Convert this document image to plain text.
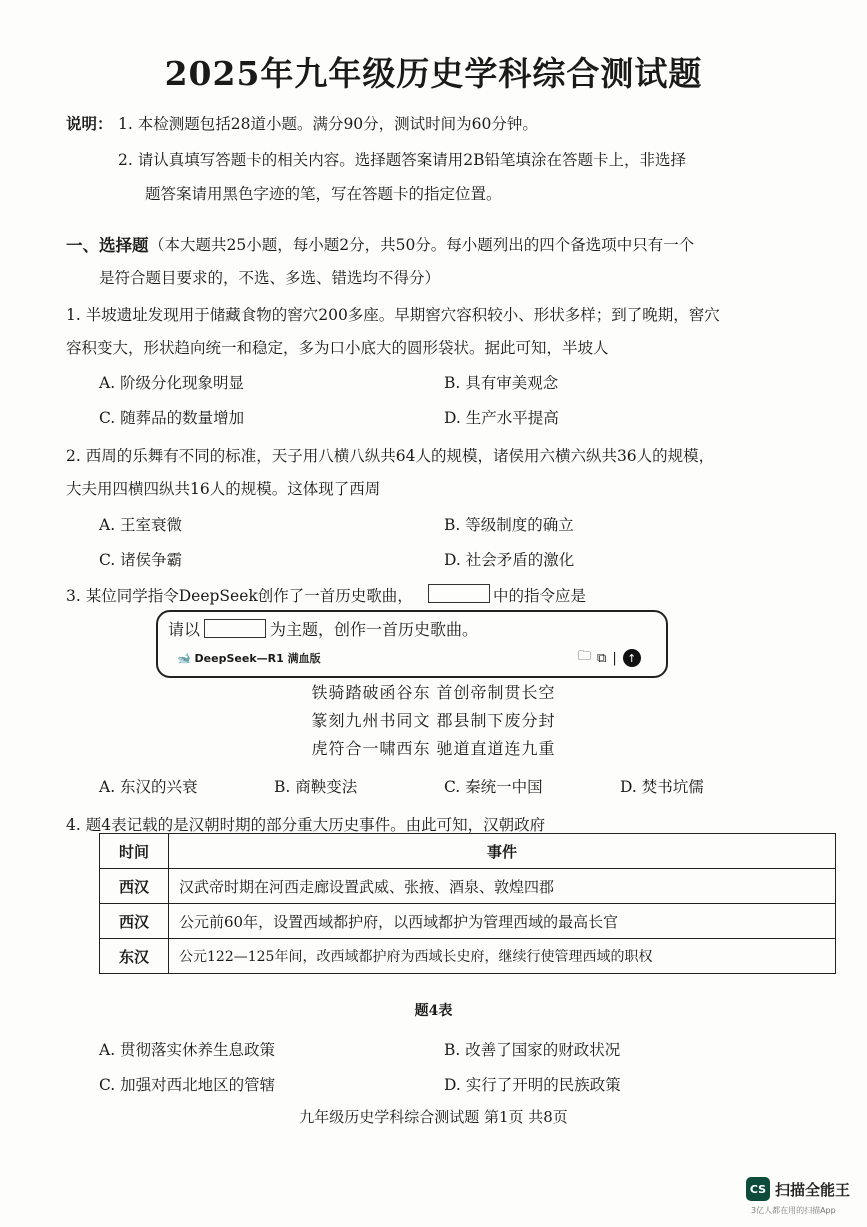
2025年九年级历史学科综合测试题
说明： 1. 本检测题包括28道小题。满分90分，测试时间为60分钟。
2. 请认真填写答题卡的相关内容。选择题答案请用2B铅笔填涂在答题卡上，非选择
题答案请用黑色字迹的笔，写在答题卡的指定位置。
一、选择题 （本大题共25小题，每小题2分，共50分。每小题列出的四个备选项中只有一个
是符合题目要求的，不选、多选、错选均不得分）
1. 半坡遗址发现用于储藏食物的窖穴200多座。早期窖穴容积较小、形状多样；到了晚期，窖穴
容积变大，形状趋向统一和稳定，多为口小底大的圆形袋状。据此可知，半坡人
A. 阶级分化现象明显	B. 具有审美观念
C. 随葬品的数量增加	D. 生产水平提高
2. 西周的乐舞有不同的标准，天子用八横八纵共64人的规模，诸侯用六横六纵共36人的规模，
大夫用四横四纵共16人的规模。这体现了西周
A. 王室衰微	B. 等级制度的确立
C. 诸侯争霸	D. 社会矛盾的激化
3. 某位同学指令DeepSeek创作了一首历史歌曲，	中的指令应是
请以	为主题，创作一首历史歌曲。
🐋 DeepSeek—R1 满血版	🗀 ⧉ | ↑
铁骑踏破函谷东 首创帝制贯长空
篆刻九州书同文 郡县制下废分封
虎符合一啸西东 驰道直道连九重
A. 东汉的兴衰	B. 商鞅变法	C. 秦统一中国	D. 焚书坑儒
4. 题4表记载的是汉朝时期的部分重大历史事件。由此可知，汉朝政府
时间	事件
西汉	汉武帝时期在河西走廊设置武威、张掖、酒泉、敦煌四郡
西汉	公元前60年，设置西域都护府，以西域都护为管理西域的最高长官
东汉	公元122—125年间，改西域都护府为西域长史府，继续行使管理西域的职权
题4表
A. 贯彻落实休养生息政策	B. 改善了国家的财政状况
C. 加强对西北地区的管辖	D. 实行了开明的民族政策
九年级历史学科综合测试题 第1页 共8页
CS 扫描全能王
3亿人都在用的扫描App
